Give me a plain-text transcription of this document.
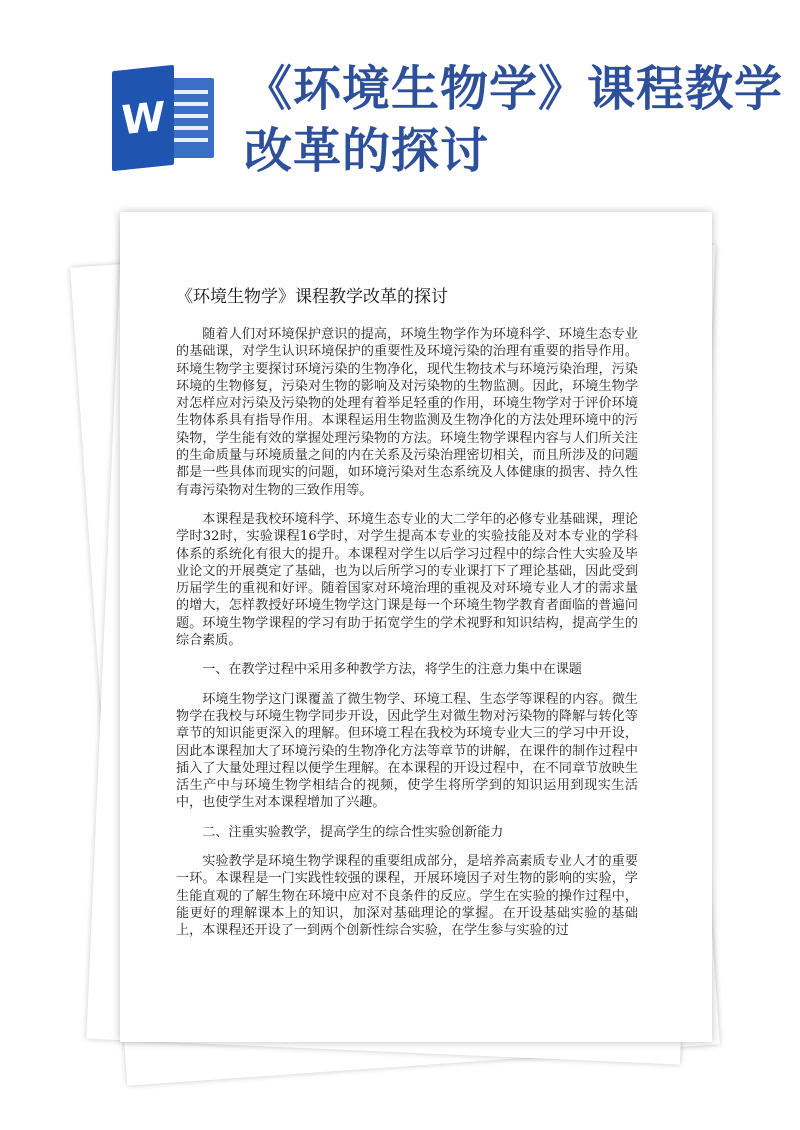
W
《环境生物学》课程教学改革的探讨
《环境生物学》课程教学改革的探讨

随着人们对环境保护意识的提高，环境生物学作为环境科学、环境生态专业的基础课，对学生认识环境保护的重要性及环境污染的治理有重要的指导作用。环境生物学主要探讨环境污染的生物净化，现代生物技术与环境污染治理，污染环境的生物修复，污染对生物的影响及对污染物的生物监测。因此，环境生物学对怎样应对污染及污染物的处理有着举足轻重的作用，环境生物学对于评价环境生物体系具有指导作用。本课程运用生物监测及生物净化的方法处理环境中的污染物，学生能有效的掌握处理污染物的方法。环境生物学课程内容与人们所关注的生命质量与环境质量之间的内在关系及污染治理密切相关，而且所涉及的问题都是一些具体而现实的问题，如环境污染对生态系统及人体健康的损害、持久性有毒污染物对生物的三致作用等。

本课程是我校环境科学、环境生态专业的大二学年的必修专业基础课，理论学时32时，实验课程16学时，对学生提高本专业的实验技能及对本专业的学科体系的系统化有很大的提升。本课程对学生以后学习过程中的综合性大实验及毕业论文的开展奠定了基础，也为以后所学习的专业课打下了理论基础，因此受到历届学生的重视和好评。随着国家对环境治理的重视及对环境专业人才的需求量的增大，怎样教授好环境生物学这门课是每一个环境生物学教育者面临的普遍问题。环境生物学课程的学习有助于拓宽学生的学术视野和知识结构，提高学生的综合素质。

一、在教学过程中采用多种教学方法，将学生的注意力集中在课题

环境生物学这门课覆盖了微生物学、环境工程、生态学等课程的内容。微生物学在我校与环境生物学同步开设，因此学生对微生物对污染物的降解与转化等章节的知识能更深入的理解。但环境工程在我校为环境专业大三的学习中开设，因此本课程加大了环境污染的生物净化方法等章节的讲解，在课件的制作过程中插入了大量处理过程以便学生理解。在本课程的开设过程中，在不同章节放映生活生产中与环境生物学相结合的视频，使学生将所学到的知识运用到现实生活中，也使学生对本课程增加了兴趣。

二、注重实验教学，提高学生的综合性实验创新能力

实验教学是环境生物学课程的重要组成部分，是培养高素质专业人才的重要一环。本课程是一门实践性较强的课程，开展环境因子对生物的影响的实验，学生能直观的了解生物在环境中应对不良条件的反应。学生在实验的操作过程中，能更好的理解课本上的知识，加深对基础理论的掌握。在开设基础实验的基础上，本课程还开设了一到两个创新性综合实验，在学生参与实验的过
